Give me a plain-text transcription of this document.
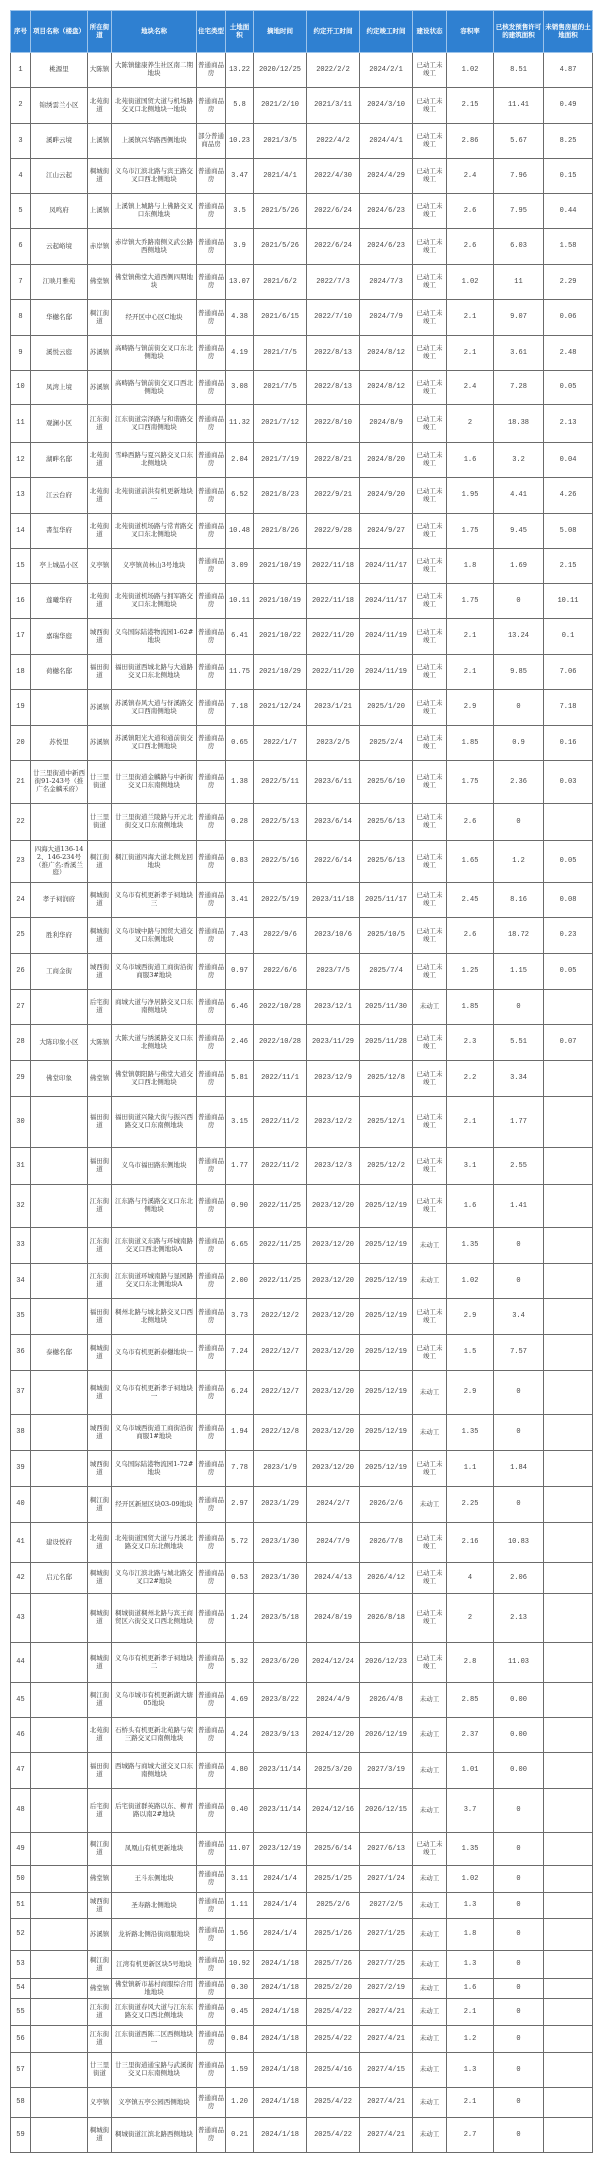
序号	项目名称（楼盘）	所在街道	地块名称	住宅类型	土地面积	摘地时间	约定开工时间	约定竣工时间	建设状态	容积率	已核发预售许可的建筑面积	未销售房屋的土地面积
1	桃源里	大陈镇	大陈镇健康养生社区南二期地块	普通商品房	13.22	2020/12/25	2022/2/2	2024/2/1	已动工未竣工	1.02	8.51	4.87
2	锦绣雲兰小区	北苑街道	北苑街道国贸大道与机场路交叉口北侧地块一地块	普通商品房	5.8	2021/2/10	2021/3/11	2024/3/10	已动工未竣工	2.15	11.41	0.49
3	溪畔云境	上溪镇	上溪镇兴华路西侧地块	部分普通商品房	10.23	2021/3/5	2022/4/2	2024/4/1	已动工未竣工	2.86	5.67	8.25
4	江山云起	稠城街道	义乌市江滨北路与宾王路交叉口西北侧地块	普通商品房	3.47	2021/4/1	2022/4/30	2024/4/29	已动工未竣工	2.4	7.96	0.15
5	凤鸣府	上溪镇	上溪镇上城路与上佛路交叉口东侧地块	普通商品房	3.5	2021/5/26	2022/6/24	2024/6/23	已动工未竣工	2.6	7.95	0.44
6	云起峪境	赤岸镇	赤岸镇大乔路南侧义武公路西侧地块	普通商品房	3.9	2021/5/26	2022/6/24	2024/6/23	已动工未竣工	2.6	6.03	1.58
7	江映月雅苑	佛堂镇	佛堂镇佛堂大道西侧四期地块	普通商品房	13.07	2021/6/2	2022/7/3	2024/7/3	已动工未竣工	1.02	11	2.29
8	华樾名邸	稠江街道	经开区中心区C地块	普通商品房	4.38	2021/6/15	2022/7/10	2024/7/9	已动工未竣工	2.1	9.07	0.06
9	溪悦云庭	苏溪镇	高畴路与镇前街交叉口东北侧地块	普通商品房	4.19	2021/7/5	2022/8/13	2024/8/12	已动工未竣工	2.1	3.61	2.48
10	凤湾上境	苏溪镇	高畴路与镇前街交叉口西北侧地块	普通商品房	3.08	2021/7/5	2022/8/13	2024/8/12	已动工未竣工	2.4	7.28	0.05
11	观澜小区	江东街道	江东街道宗泽路与和谐路交叉口西南侧地块	普通商品房	11.32	2021/7/12	2022/8/10	2024/8/9	已动工未竣工	2	18.38	2.13
12	湖畔名邸	北苑街道	雪峰西路与夏兴路交叉口东北侧地块	普通商品房	2.04	2021/7/19	2022/8/21	2024/8/20	已动工未竣工	1.6	3.2	0.04
13	江云台府	北苑街道	北苑街道前洪有机更新地块一	普通商品房	6.52	2021/8/23	2022/9/21	2024/9/20	已动工未竣工	1.95	4.41	4.26
14	書玺华府	北苑街道	北苑街道机场路与常青路交叉口东北侧地块	普通商品房	10.48	2021/8/26	2022/9/28	2024/9/27	已动工未竣工	1.75	9.45	5.08
15	亭上城品小区	义亭镇	义亭镇黄林山3号地块	普通商品房	3.09	2021/10/19	2022/11/18	2024/11/17	已动工未竣工	1.8	1.69	2.15
16	莲曦华府	北苑街道	北苑街道机场路与拥军路交叉口东北侧地块	普通商品房	10.11	2021/10/19	2022/11/18	2024/11/17	已动工未竣工	1.75	0	10.11
17	嘉瑞华庭	城西街道	义乌国际陆港物流园1-62#地块	普通商品房	6.41	2021/10/22	2022/11/20	2024/11/19	已动工未竣工	2.1	13.24	0.1
18	荷樾名邸	福田街道	福田街道西城北路与大通路交叉口东北侧地块	普通商品房	11.75	2021/10/29	2022/11/20	2024/11/19	已动工未竣工	2.1	9.85	7.06
19		苏溪镇	苏溪镇春风大道与伢溪路交叉口西南侧地块	普通商品房	7.18	2021/12/24	2023/1/21	2025/1/20	已动工未竣工	2.9	0	7.18
20	苏悦里	苏溪镇	苏溪镇阳光大道和通前街交叉口西北侧地块	普通商品房	0.65	2022/1/7	2023/2/5	2025/2/4	已动工未竣工	1.85	0.9	0.16
21	廿三里街道中新西街91-243号（推广名金麟禾府）	廿三里街道	廿三里街道金麟路与中新街交叉口东南侧地块	普通商品房	1.38	2022/5/11	2023/6/11	2025/6/10	已动工未竣工	1.75	2.36	0.03
22		廿三里街道	廿三里街道兰陵路与开元北街交叉口东南侧地块	普通商品房	0.28	2022/5/13	2023/6/14	2025/6/13	已动工未竣工	2.6	0	
23	四海大道136-142、146-234号（推广名:香溪兰庭）	稠江街道	稠江街道四海大道北侧龙回地块	普通商品房	0.83	2022/5/16	2022/6/14	2025/6/13	已动工未竣工	1.65	1.2	0.05
24	孝子祠润府	稠城街道	义乌市有机更新孝子祠地块三	普通商品房	3.41	2022/5/19	2023/11/18	2025/11/17	已动工未竣工	2.45	8.16	0.08
25	胜利华府	稠城街道	义乌市城中路与国贸大道交叉口东侧地块	普通商品房	7.43	2022/9/6	2023/10/6	2025/10/5	已动工未竣工	2.6	18.72	0.23
26	工商金街	城西街道	义乌市城西街道工商街沿街商服3#地块	普通商品房	0.97	2022/6/6	2023/7/5	2025/7/4	已动工未竣工	1.25	1.15	0.05
27		后宅街道	商城大道与净居路交叉口东南侧地块	普通商品房	6.46	2022/10/28	2023/12/1	2025/11/30	未动工	1.85	0	
28	大陈印象小区	大陈镇	大陈大道与绣溪路交叉口东北侧地块	普通商品房	2.46	2022/10/28	2023/11/29	2025/11/28	已动工未竣工	2.3	5.51	0.07
29	佛堂印象	佛堂镇	佛堂镇朝阳路与佛堂大道交叉口西北侧地块	普通商品房	5.81	2022/11/1	2023/12/9	2025/12/8	已动工未竣工	2.2	3.34	
30		福田街道	福田街道兴隆大街与振兴西路交叉口东南侧地块	普通商品房	3.15	2022/11/2	2023/12/2	2025/12/1	已动工未竣工	2.1	1.77	
31		福田街道	义乌市福田路东侧地块	普通商品房	1.77	2022/11/2	2023/12/3	2025/12/2	已动工未竣工	3.1	2.55	
32		江东街道	江东路与丹溪路交叉口东北侧地块	普通商品房	0.90	2022/11/25	2023/12/20	2025/12/19	已动工未竣工	1.6	1.41	
33		江东街道	江东街道义东路与环城南路交叉口西北侧地块A	普通商品房	6.65	2022/11/25	2023/12/20	2025/12/19	未动工	1.35	0	
34		江东街道	江东街道环城南路与显园路交叉口东北侧地块A	普通商品房	2.00	2022/11/25	2023/12/20	2025/12/19	未动工	1.02	0	
35		福田街道	稠州北路与城北路交叉口西北侧地块	普通商品房	3.73	2022/12/2	2023/12/20	2025/12/19	已动工未竣工	2.9	3.4	
36	泰樾名邸	稠城街道	义乌市有机更新泰樾地块一	普通商品房	7.24	2022/12/7	2023/12/20	2025/12/19	已动工未竣工	1.5	7.57	
37		稠城街道	义乌市有机更新孝子祠地块一	普通商品房	6.24	2022/12/7	2023/12/20	2025/12/19	未动工	2.9	0	
38		城西街道	义乌市城西街道工商街沿街商服1#地块	普通商品房	1.94	2022/12/8	2023/12/20	2025/12/19	未动工	1.35	0	
39		城西街道	义乌国际陆港物流园1-72#地块	普通商品房	7.78	2023/1/9	2023/12/20	2025/12/19	已动工未竣工	1.1	1.84	
40		稠江街道	经开区新屋区块03-09地块	普通商品房	2.97	2023/1/29	2024/2/7	2026/2/6	未动工	2.25	0	
41	建设悦府	北苑街道	北苑街道国贸大道与丹溪北路交叉口东北侧地块	普通商品房	5.72	2023/1/30	2024/7/9	2026/7/8	已动工未竣工	2.16	10.83	
42	启元名邸	稠城街道	义乌市江滨北路与城北路交叉口2#地块	普通商品房	0.53	2023/1/30	2024/4/13	2026/4/12	已动工未竣工	4	2.06	
43		稠城街道	稠城街道稠州北路与宾王商贸区六街交叉口西北侧地块	普通商品房	1.24	2023/5/18	2024/8/19	2026/8/18	已动工未竣工	2	2.13	
44		稠城街道	义乌市有机更新孝子祠地块二	普通商品房	5.32	2023/6/20	2024/12/24	2026/12/23	已动工未竣工	2.8	11.03	
45		稠江街道	义乌市城市有机更新湖大塘05地块	普通商品房	4.69	2023/8/22	2024/4/9	2026/4/8	未动工	2.85	0.00	
46		北苑街道	石桥头有机更新北苑路与荣三路交叉口南侧地块	普通商品房	4.24	2023/9/13	2024/12/20	2026/12/19	未动工	2.37	0.00	
47		福田街道	西城路与商城大道交叉口东南侧地块	普通商品房	4.80	2023/11/14	2025/3/20	2027/3/19	未动工	1.01	0.00	
48		后宅街道	后宅街道群英路以东、柳青路以南2#地块	普通商品房	0.40	2023/11/14	2024/12/16	2026/12/15	未动工	3.7	0	
49		稠江街道	凤凰山有机更新地块	普通商品房	11.07	2023/12/19	2025/6/14	2027/6/13	已动工未竣工	1.35	0	
50		佛堂镇	王斗东侧地块	普通商品房	3.11	2024/1/4	2025/1/25	2027/1/24	未动工	1.02	0	
51		城西街道	圣寿路北侧地块	普通商品房	1.11	2024/1/4	2025/2/6	2027/2/5	未动工	1.3	0	
52		苏溪镇	龙祈路北侧沿街商服地块	普通商品房	1.56	2024/1/4	2025/1/26	2027/1/25	未动工	1.8	0	
53		稠江街道	江湾有机更新区块5号地块	普通商品房	10.92	2024/1/18	2025/7/26	2027/7/25	未动工	1.3	0	
54		佛堂镇	佛堂镇新市基村商服综合用地地块	普通商品房	0.30	2024/1/18	2025/2/20	2027/2/19	未动工	1.6	0	
55		江东街道	江东街道春风大道与江东东路交叉口西北侧地块	普通商品房	0.45	2024/1/18	2025/4/22	2027/4/21	未动工	2.1	0	
56		江东街道	江东街道西陈二区西侧地块一	普通商品房	0.84	2024/1/18	2025/4/22	2027/4/21	未动工	1.2	0	
57		廿三里街道	廿三里街道通宝路与武溪街交叉口东南侧地块	普通商品房	1.59	2024/1/18	2025/4/16	2027/4/15	未动工	1.3	0	
58		义亭镇	义亭镇五亭公园西侧地块	普通商品房	1.20	2024/1/18	2025/4/22	2027/4/21	未动工	2.1	0	
59		稠城街道	稠城街道江滨北路西侧地块	普通商品房	0.21	2024/1/18	2025/4/22	2027/4/21	未动工	2.7	0	
